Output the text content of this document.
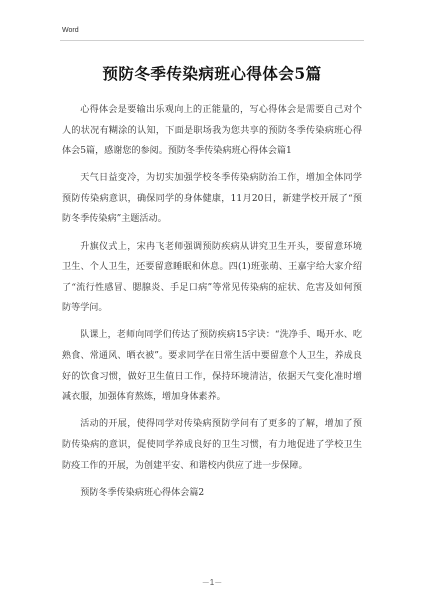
Word
预防冬季传染病班心得体会5篇

心得体会是要输出乐观向上的正能量的，写心得体会是需要自己对个人的状况有糊涂的认知，下面是职场我为您共享的预防冬季传染病班心得体会5篇，感谢您的参阅。预防冬季传染病班心得体会篇1

天气日益变冷，为切实加强学校冬季传染病防治工作，增加全体同学预防传染病意识，确保同学的身体健康，11月20日，新建学校开展了“预防冬季传染病”主题活动。

升旗仪式上，宋冉飞老师强调预防疾病从讲究卫生开头，要留意环境卫生、个人卫生，还要留意睡眠和休息。四(1)班张萌、王嘉宇给大家介绍了“流行性感冒、腮腺炎、手足口病”等常见传染病的症状、危害及如何预防等学问。

队课上，老师向同学们传达了预防疾病15字诀：“洗净手、喝开水、吃熟食、常通风、晒衣被”。要求同学在日常生活中要留意个人卫生，养成良好的饮食习惯，做好卫生值日工作，保持环境清洁，依据天气变化准时增减衣服，加强体育熬炼，增加身体素养。

活动的开展，使得同学对传染病预防学问有了更多的了解，增加了预防传染病的意识，促使同学养成良好的卫生习惯，有力地促进了学校卫生防疫工作的开展，为创建平安、和谐校内供应了进一步保障。

预防冬季传染病班心得体会篇2

－1－
